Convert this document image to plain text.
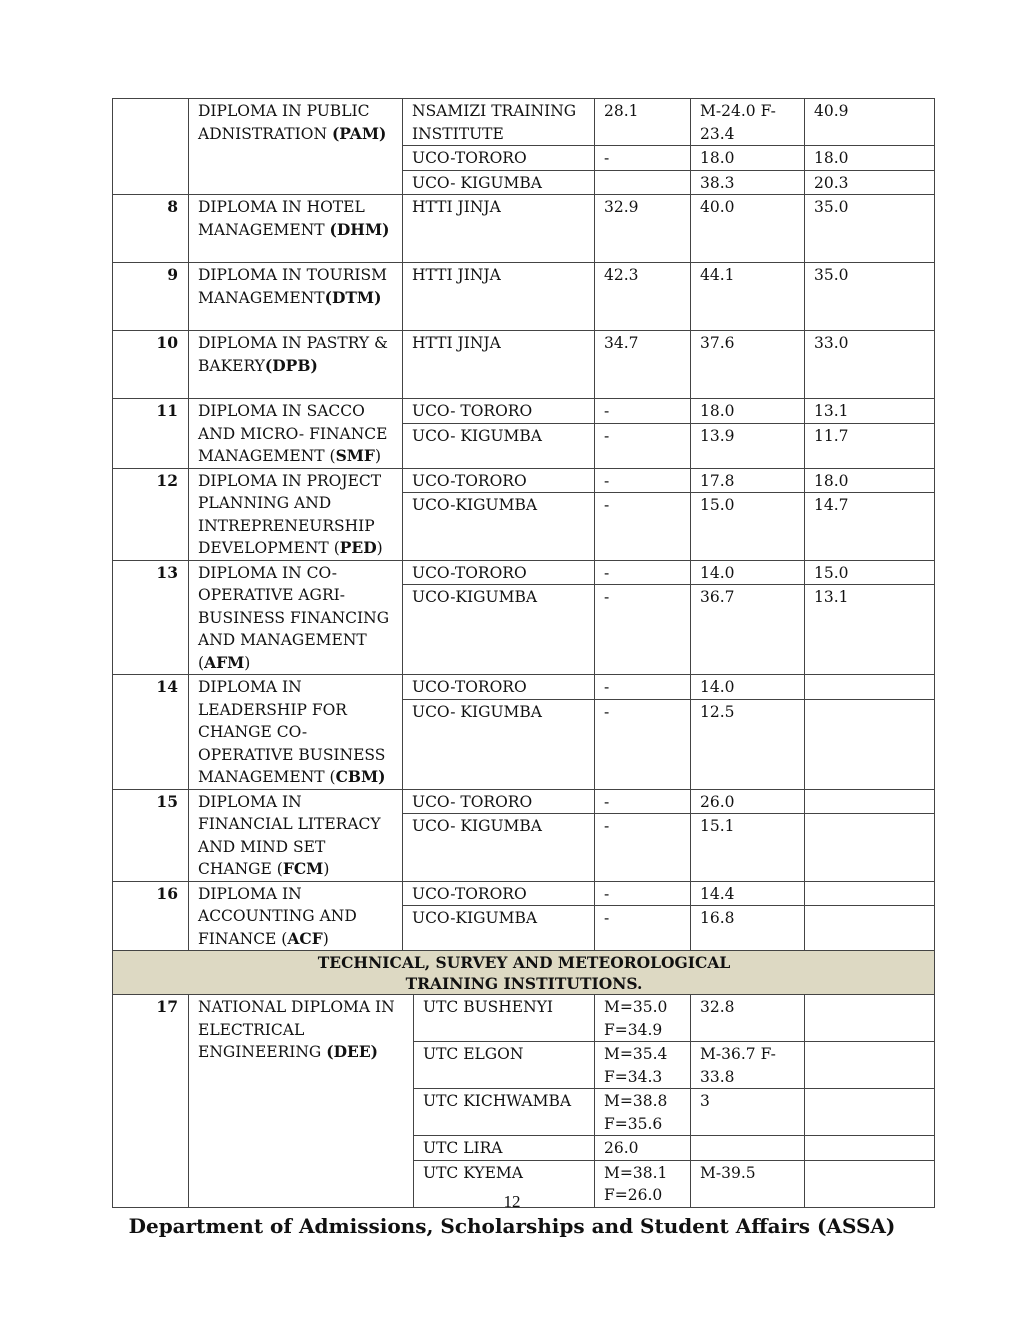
	DIPLOMA IN PUBLIC ADNISTRATION (PAM)	NSAMIZI TRAINING INSTITUTE		28.1	M-24.0 F-23.4	40.9
		UCO-TORORO		-	18.0	18.0
		UCO- KIGUMBA			38.3	20.3
8	DIPLOMA IN HOTEL MANAGEMENT (DHM)	HTTI JINJA		32.9	40.0	35.0
9	DIPLOMA IN TOURISM MANAGEMENT(DTM)	HTTI JINJA		42.3	44.1	35.0
10	DIPLOMA IN PASTRY & BAKERY(DPB)	HTTI JINJA		34.7	37.6	33.0
11	DIPLOMA IN SACCO AND MICRO- FINANCE MANAGEMENT (SMF)	UCO- TORORO		-	18.0	13.1
		UCO- KIGUMBA		-	13.9	11.7
12	DIPLOMA IN PROJECT PLANNING AND INTREPRENEURSHIP DEVELOPMENT (PED)	UCO-TORORO		-	17.8	18.0
		UCO-KIGUMBA		-	15.0	14.7
13	DIPLOMA IN CO-OPERATIVE AGRI-BUSINESS FINANCING AND MANAGEMENT (AFM)	UCO-TORORO		-	14.0	15.0
		UCO-KIGUMBA		-	36.7	13.1
14	DIPLOMA IN LEADERSHIP FOR CHANGE CO-OPERATIVE BUSINESS MANAGEMENT (CBM)	UCO-TORORO		-	14.0	
		UCO- KIGUMBA		-	12.5	
15	DIPLOMA IN FINANCIAL LITERACY AND MIND SET CHANGE (FCM)	UCO- TORORO		-	26.0	
		UCO- KIGUMBA		-	15.1	
16	DIPLOMA IN ACCOUNTING AND FINANCE (ACF)	UCO-TORORO		-	14.4	
		UCO-KIGUMBA		-	16.8	

TECHNICAL, SURVEY AND METEOROLOGICAL
TRAINING INSTITUTIONS.						

17	NATIONAL DIPLOMA IN ELECTRICAL ENGINEERING (DEE)		UTC BUSHENYI	M=35.0 F=34.9	32.8	
			UTC ELGON	M=35.4 F=34.3	M-36.7 F-33.8	
			UTC KICHWAMBA	M=38.8 F=35.6	3	
			UTC LIRA	26.0		
			UTC KYEMA	M=38.1 F=26.0	M-39.5	
12
Department of Admissions, Scholarships and Student Affairs (ASSA)
